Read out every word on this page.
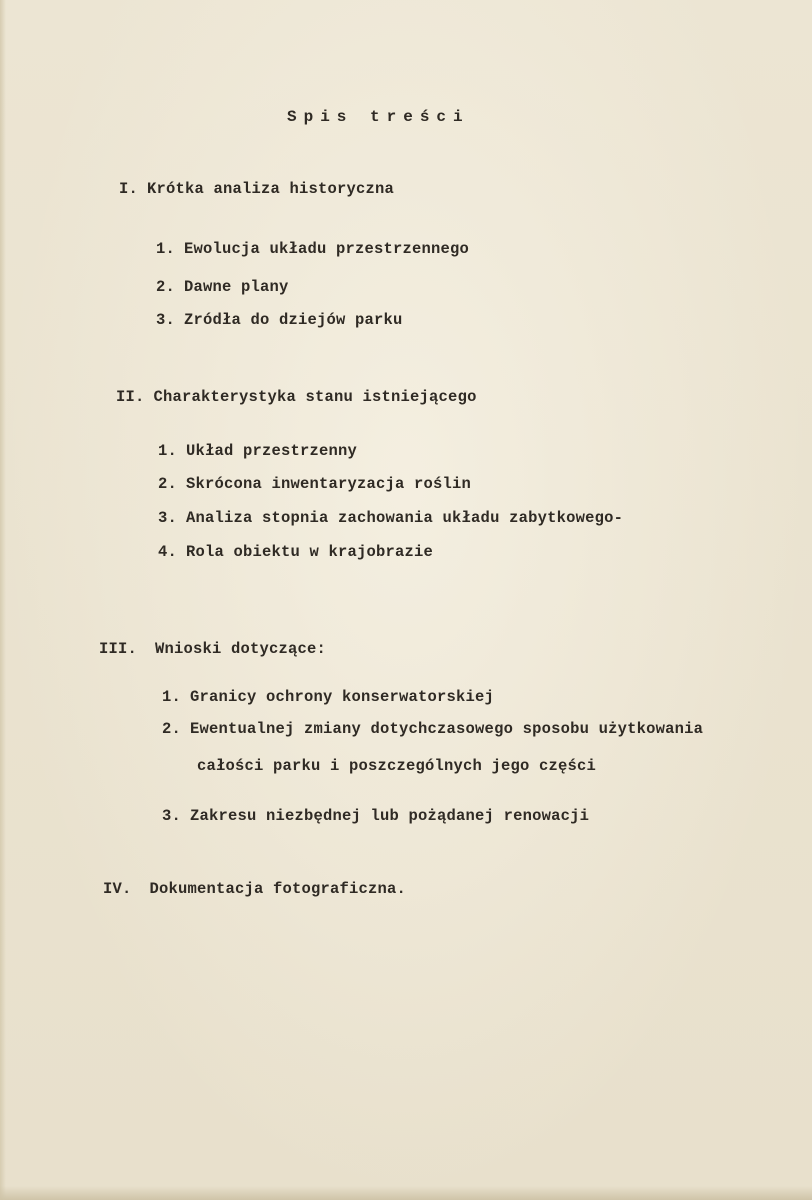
Spis treści
I. Krótka analiza historyczna
1. Ewolucja układu przestrzennego
2. Dawne plany
3. Zródła do dziejów parku
II. Charakterystyka stanu istniejącego
1. Układ przestrzenny
2. Skrócona inwentaryzacja roślin
3. Analiza stopnia zachowania układu zabytkowego-
4. Rola obiektu w krajobrazie
III. Wnioski dotyczące:
1. Granicy ochrony konserwatorskiej
2. Ewentualnej zmiany dotychczasowego sposobu użytkowania
całości parku i poszczególnych jego części
3. Zakresu niezbędnej lub pożądanej renowacji
IV. Dokumentacja fotograficzna.
